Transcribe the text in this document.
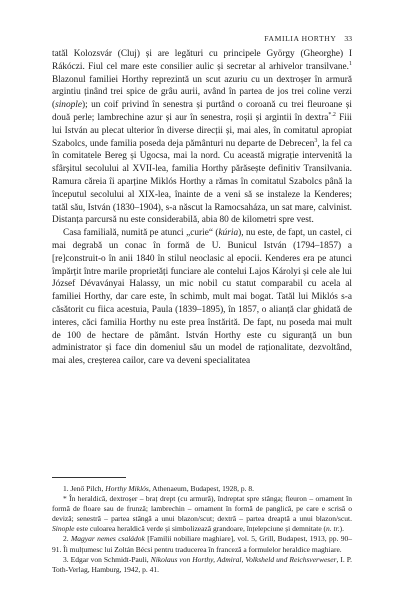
FAMILIA HORTHY 33

tatăl Kolozsvár (Cluj) și are legături cu principele György (Gheorghe) I Rákóczi. Fiul cel mare este consilier aulic și secretar al arhivelor transilvane.$^1$ Blazonul familiei Horthy reprezintă un scut azuriu cu un dextroșer în armură argintiu ținând trei spice de grâu aurii, având în partea de jos trei coline verzi (sinople); un coif privind în senestra și purtând o coroană cu trei fleuroane și două perle; lambrechine azur și aur în senestra, roșii și argintii în dextra$^{*.2}$ Fiii lui István au plecat ulterior în diverse direcții și, mai ales, în comitatul apropiat Szabolcs, unde familia poseda deja pământuri nu departe de Debrecen$^3$, la fel ca în comitatele Bereg și Ugocsa, mai la nord. Cu această migrație intervenită la sfârșitul secolului al XVII-lea, familia Horthy părăsește definitiv Transilvania. Ramura căreia îi aparține Miklós Horthy a rămas în comitatul Szabolcs până la începutul secolului al XIX-lea, înainte de a veni să se instaleze la Kenderes; tatăl său, István (1830–1904), s-a născut la Ramocsaháza, un sat mare, calvinist. Distanța parcursă nu este considerabilă, abia 80 de kilometri spre vest.

Casa familială, numită pe atunci „curie“ (kúria), nu este, de fapt, un castel, ci mai degrabă un conac în formă de U. Bunicul István (1794–1857) a [re]construit-o în anii 1840 în stilul neoclasic al epocii. Kenderes era pe atunci împărțit între marile proprietăți funciare ale contelui Lajos Károlyi și cele ale lui József Dévaványai Halassy, un mic nobil cu statut comparabil cu acela al familiei Horthy, dar care este, în schimb, mult mai bogat. Tatăl lui Miklós s-a căsătorit cu fiica acestuia, Paula (1839–1895), în 1857, o alianță clar ghidată de interes, căci familia Horthy nu este prea înstărită. De fapt, nu poseda mai mult de 100 de hectare de pământ. István Horthy este cu siguranță un bun administrator și face din domeniul său un model de raționalitate, dezvoltând, mai ales, creșterea cailor, care va deveni specialitatea

1. Jenő Pilch, Horthy Miklós, Athenaeum, Budapest, 1928, p. 8.

* În heraldică, dextroșer – braț drept (cu armură), îndreptat spre stânga; fleuron – ornament în formă de floare sau de frunză; lambrechin – ornament în formă de panglică, pe care e scrisă o deviză; senestră – partea stângă a unui blazon/scut; dextră – partea dreaptă a unui blazon/scut. Sinople este culoarea heraldică verde și simbolizează grandoare, înțelepciune și demnitate (n. tr.).

2. Magyar nemes családok [Familii nobiliare maghiare], vol. 5, Grill, Budapest, 1913, pp. 90–91. Îi mulțumesc lui Zoltán Bécsi pentru traducerea în franceză a formulelor heraldice maghiare.

3. Edgar von Schmidt-Pauli, Nikolaus von Horthy, Admiral, Volksheld und Reichsverweser, I. P. Toth-Verlag, Hamburg, 1942, p. 41.
